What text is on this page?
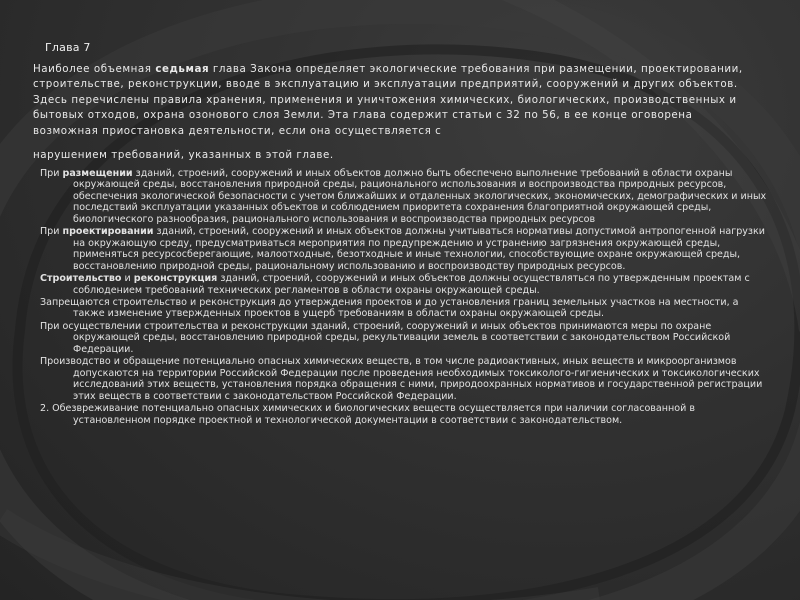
Глава 7
Наиболее объемная седьмая глава Закона определяет экологические требования при размещении, проектировании, строительстве, реконструкции, вводе в эксплуатацию и эксплуатации предприятий, сооружений и других объектов. Здесь перечислены правила хранения, применения и уничтожения химических, биологических, производственных и бытовых отходов, охрана озонового слоя Земли. Эта глава содержит статьи с 32 по 56, в ее конце оговорена возможная приостановка деятельности, если она осуществляется с
нарушением требований, указанных в этой главе.
При размещении зданий, строений, сооружений и иных объектов должно быть обеспечено выполнение требований в области охраны окружающей среды, восстановления природной среды, рационального использования и воспроизводства природных ресурсов, обеспечения экологической безопасности с учетом ближайших и отдаленных экологических, экономических, демографических и иных последствий эксплуатации указанных объектов и соблюдением приоритета сохранения благоприятной окружающей среды, биологического разнообразия, рационального использования и воспроизводства природных ресурсов
При проектировании зданий, строений, сооружений и иных объектов должны учитываться нормативы допустимой антропогенной нагрузки на окружающую среду, предусматриваться мероприятия по предупреждению и устранению загрязнения окружающей среды, применяться ресурсосберегающие, малоотходные, безотходные и иные технологии, способствующие охране окружающей среды, восстановлению природной среды, рациональному использованию и воспроизводству природных ресурсов.
Строительство и реконструкция зданий, строений, сооружений и иных объектов должны осуществляться по утвержденным проектам с соблюдением требований технических регламентов в области охраны окружающей среды.
Запрещаются строительство и реконструкция до утверждения проектов и до установления границ земельных участков на местности, а также изменение утвержденных проектов в ущерб требованиям в области охраны окружающей среды.
При осуществлении строительства и реконструкции зданий, строений, сооружений и иных объектов принимаются меры по охране окружающей среды, восстановлению природной среды, рекультивации земель в соответствии с законодательством Российской Федерации.
Производство и обращение потенциально опасных химических веществ, в том числе радиоактивных, иных веществ и микроорганизмов допускаются на территории Российской Федерации после проведения необходимых токсиколого-гигиенических и токсикологических исследований этих веществ, установления порядка обращения с ними, природоохранных нормативов и государственной регистрации этих веществ в соответствии с законодательством Российской Федерации.
2. Обезвреживание потенциально опасных химических и биологических веществ осуществляется при наличии согласованной в установленном порядке проектной и технологической документации в соответствии с законодательством.
